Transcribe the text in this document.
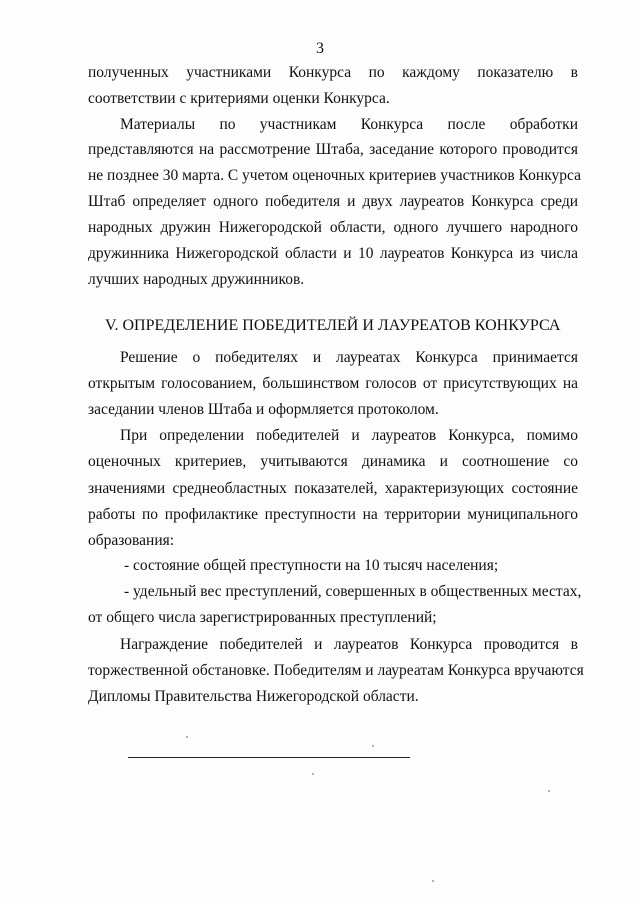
3
полученных участниками Конкурса по каждому показателю в
соответствии с критериями оценки Конкурса.
Материалы по участникам Конкурса после обработки
представляются на рассмотрение Штаба, заседание которого проводится
не позднее 30 марта. С учетом оценочных критериев участников Конкурса
Штаб определяет одного победителя и двух лауреатов Конкурса среди
народных дружин Нижегородской области, одного лучшего народного
дружинника Нижегородской области и 10 лауреатов Конкурса из числа
лучших народных дружинников.
V. ОПРЕДЕЛЕНИЕ ПОБЕДИТЕЛЕЙ И ЛАУРЕАТОВ КОНКУРСА
Решение о победителях и лауреатах Конкурса принимается
открытым голосованием, большинством голосов от присутствующих на
заседании членов Штаба и оформляется протоколом.
При определении победителей и лауреатов Конкурса, помимо
оценочных критериев, учитываются динамика и соотношение со
значениями среднеобластных показателей, характеризующих состояние
работы по профилактике преступности на территории муниципального
образования:
- состояние общей преступности на 10 тысяч населения;
- удельный вес преступлений, совершенных в общественных местах,
от общего числа зарегистрированных преступлений;
Награждение победителей и лауреатов Конкурса проводится в
торжественной обстановке. Победителям и лауреатам Конкурса вручаются
Дипломы Правительства Нижегородской области.
